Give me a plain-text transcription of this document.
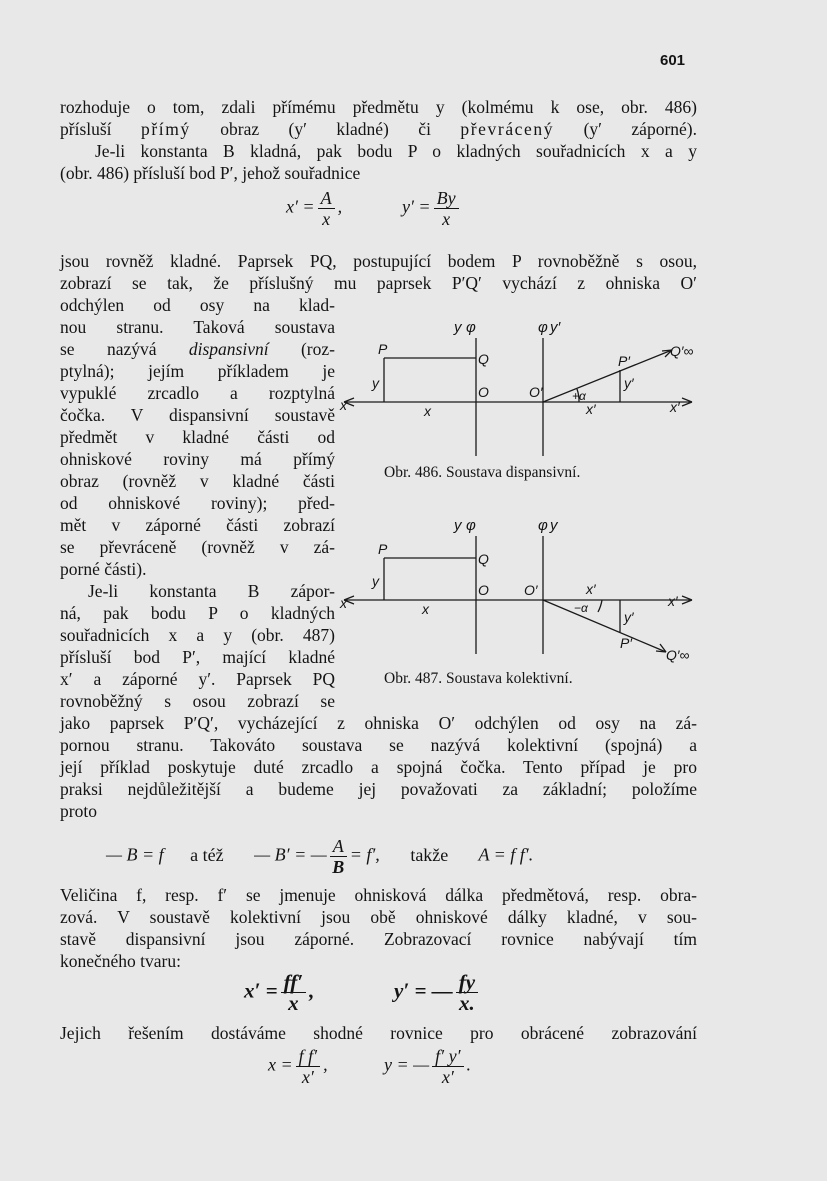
601
rozhoduje o tom, zdali přímému předmětu y (kolmému k ose, obr. 486)
přísluší přímý obraz (y′ kladné) či převrácený (y′ záporné).
Je-li konstanta B kladná, pak bodu P o kladných souřadnicích x a y
(obr. 486) přísluší bod P′, jehož souřadnice
$x' = \frac{A}{x}$ ,	$y' = \frac{By}{x}$
jsou rovněž kladné. Paprsek PQ, postupující bodem P rovnoběžně s osou,
zobrazí se tak, že příslušný mu paprsek P′Q′ vychází z ohniska O′
odchýlen od osy na klad-
nou stranu. Taková soustava
se nazývá dispansivní (roz-
ptylná); jejím příkladem je
vypuklé zrcadlo a rozptylná
čočka. V dispansivní soustavě
předmět v kladné části od
ohniskové roviny má přímý
obraz (rovněž v kladné části
od ohniskové roviny); před-
mět v záporné části zobrazí
se převráceně (rovněž v zá-
porné části).
Je-li konstanta B zápor-
ná, pak bodu P o kladných
souřadnicích x a y (obr. 487)
přísluší bod P′, mající kladné
x′ a záporné y′. Paprsek PQ
rovnoběžný s osou zobrazí se
jako paprsek P′Q′, vycházející z ohniska O′ odchýlen od osy na zá-
pornou stranu. Takováto soustava se nazývá kolektivní (spojná) a
její příklad poskytuje duté zrcadlo a spojná čočka. Tento případ je pro
praksi nejdůležitější a budeme jej považovati za základní; položíme
proto
— B = f a též — B′ = — $\frac{A}{B} = f'$, takže A = f f′.
Veličina f, resp. f′ se jmenuje ohnisková dálka předmětová, resp. obra-
zová. V soustavě kolektivní jsou obě ohniskové dálky kladné, v sou-
stavě dispansivní jsou záporné. Zobrazovací rovnice nabývají tím
konečného tvaru:
$x' = \frac{ff'}{x}$ ,	y′ = — $\frac{fy}{x.}$
Jejich řešením dostáváme shodné rovnice pro obrácené zobrazování
$x = \frac{\text{f f′}}{x'}$ ,	y = — $\frac{f' y'}{x'}$ .
y φ	φ y′
P
Q
O	O′
P′
Q′∞
y	y′
x	x
+α
x′	x′
Obr. 486. Soustava dispansivní.
y φ	φ y
P
Q
O	O′
P′
Q′∞
y
y′
x	x	−α
x′
x′
Obr. 487. Soustava kolektivní.
